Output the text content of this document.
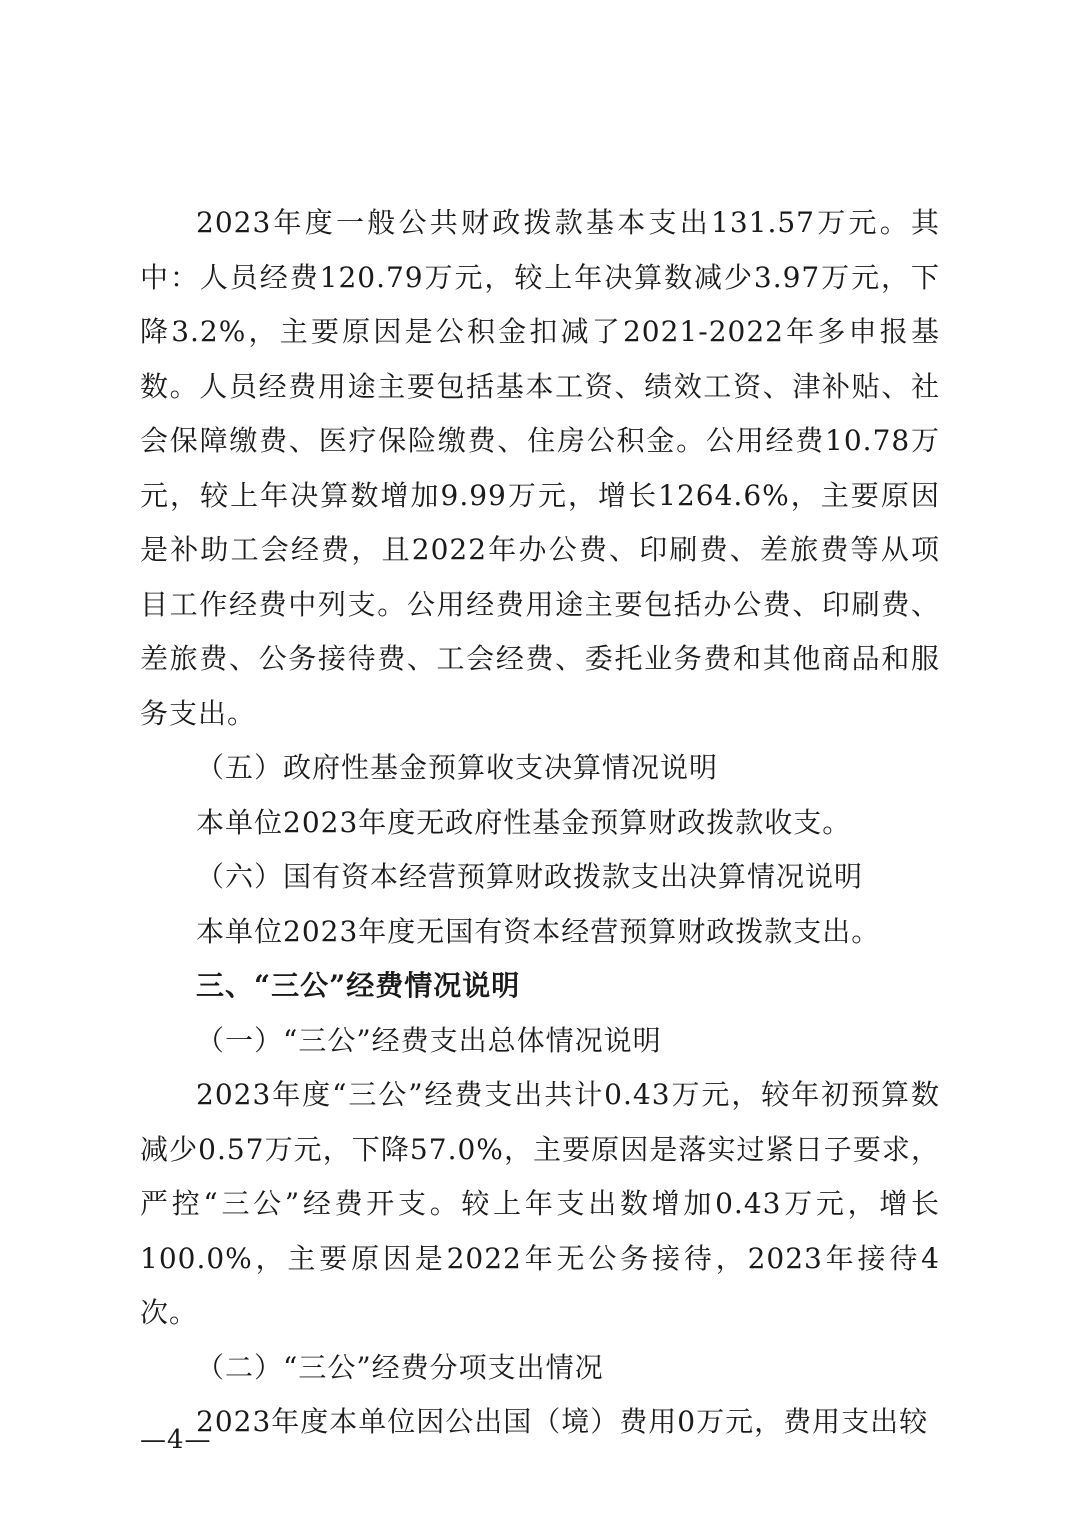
2023年度一般公共财政拨款基本支出131.57万元。其中：人员经费120.79万元，较上年决算数减少3.97万元，下降3.2%，主要原因是公积金扣减了2021-2022年多申报基数。人员经费用途主要包括基本工资、绩效工资、津补贴、社会保障缴费、医疗保险缴费、住房公积金。公用经费10.78万元，较上年决算数增加9.99万元，增长1264.6%，主要原因是补助工会经费，且2022年办公费、印刷费、差旅费等从项目工作经费中列支。公用经费用途主要包括办公费、印刷费、差旅费、公务接待费、工会经费、委托业务费和其他商品和服务支出。

（五）政府性基金预算收支决算情况说明

本单位2023年度无政府性基金预算财政拨款收支。

（六）国有资本经营预算财政拨款支出决算情况说明

本单位2023年度无国有资本经营预算财政拨款支出。

三、“三公”经费情况说明

（一）“三公”经费支出总体情况说明

2023年度“三公”经费支出共计0.43万元，较年初预算数减少0.57万元，下降57.0%，主要原因是落实过紧日子要求，严控“三公”经费开支。较上年支出数增加0.43万元，增长100.0%，主要原因是2022年无公务接待，2023年接待4次。

（二）“三公”经费分项支出情况

2023年度本单位因公出国（境）费用0万元，费用支出较

—4—
